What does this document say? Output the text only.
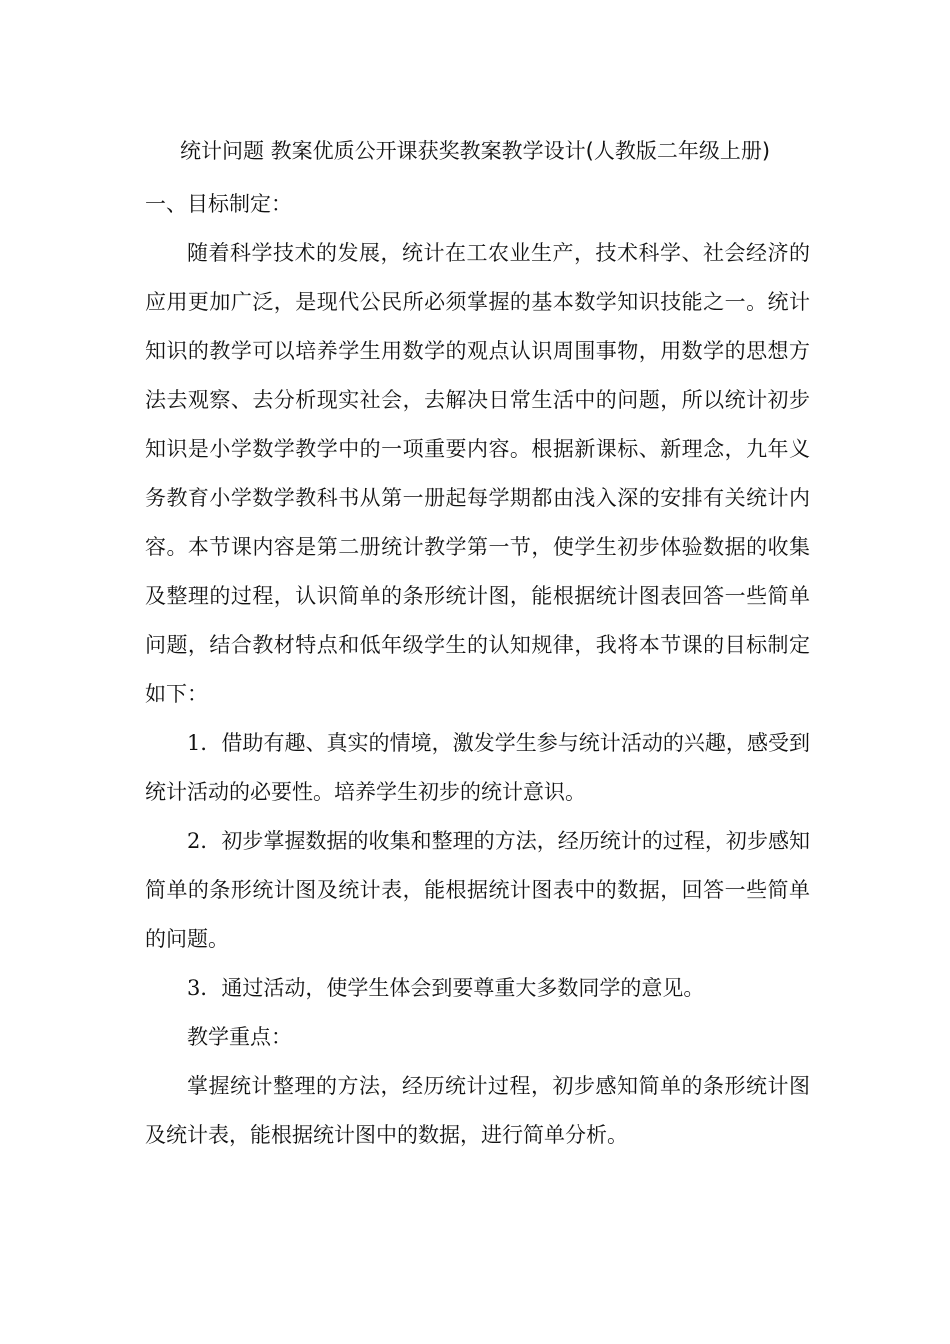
统计问题 教案优质公开课获奖教案教学设计(人教版二年级上册)

一、目标制定：

随着科学技术的发展，统计在工农业生产，技术科学、社会经济的应用更加广泛，是现代公民所必须掌握的基本数学知识技能之一。统计知识的教学可以培养学生用数学的观点认识周围事物，用数学的思想方法去观察、去分析现实社会，去解决日常生活中的问题，所以统计初步知识是小学数学教学中的一项重要内容。根据新课标、新理念，九年义务教育小学数学教科书从第一册起每学期都由浅入深的安排有关统计内容。本节课内容是第二册统计教学第一节，使学生初步体验数据的收集及整理的过程，认识简单的条形统计图，能根据统计图表回答一些简单问题，结合教材特点和低年级学生的认知规律，我将本节课的目标制定如下：

1．借助有趣、真实的情境，激发学生参与统计活动的兴趣，感受到统计活动的必要性。培养学生初步的统计意识。

2．初步掌握数据的收集和整理的方法，经历统计的过程，初步感知简单的条形统计图及统计表，能根据统计图表中的数据，回答一些简单的问题。

3．通过活动，使学生体会到要尊重大多数同学的意见。

教学重点：

掌握统计整理的方法，经历统计过程，初步感知简单的条形统计图及统计表，能根据统计图中的数据，进行简单分析。
